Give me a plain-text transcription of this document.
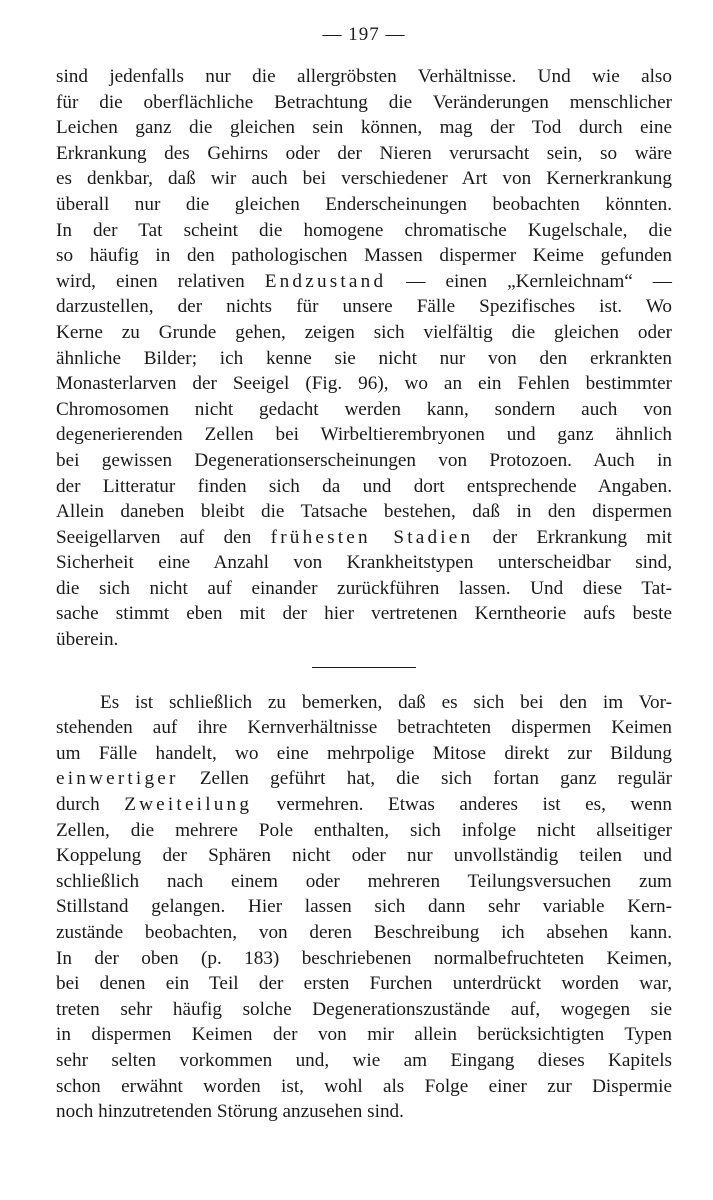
— 197 —
sind jedenfalls nur die allergröbsten Verhältnisse. Und wie also
für die oberflächliche Betrachtung die Veränderungen menschlicher
Leichen ganz die gleichen sein können, mag der Tod durch eine
Erkrankung des Gehirns oder der Nieren verursacht sein, so wäre
es denkbar, daß wir auch bei verschiedener Art von Kernerkrankung
überall nur die gleichen Enderscheinungen beobachten könnten.
In der Tat scheint die homogene chromatische Kugelschale, die
so häufig in den pathologischen Massen dispermer Keime gefunden
wird, einen relativen Endzustand — einen „Kernleichnam“ —
darzustellen, der nichts für unsere Fälle Spezifisches ist. Wo
Kerne zu Grunde gehen, zeigen sich vielfältig die gleichen oder
ähnliche Bilder; ich kenne sie nicht nur von den erkrankten
Monasterlarven der Seeigel (Fig. 96), wo an ein Fehlen bestimmter
Chromosomen nicht gedacht werden kann, sondern auch von
degenerierenden Zellen bei Wirbeltierembryonen und ganz ähnlich
bei gewissen Degenerationserscheinungen von Protozoen. Auch in
der Litteratur finden sich da und dort entsprechende Angaben.
Allein daneben bleibt die Tatsache bestehen, daß in den dispermen
Seeigellarven auf den frühesten Stadien der Erkrankung mit
Sicherheit eine Anzahl von Krankheitstypen unterscheidbar sind,
die sich nicht auf einander zurückführen lassen. Und diese Tat-
sache stimmt eben mit der hier vertretenen Kerntheorie aufs beste
überein.
Es ist schließlich zu bemerken, daß es sich bei den im Vor-
stehenden auf ihre Kernverhältnisse betrachteten dispermen Keimen
um Fälle handelt, wo eine mehrpolige Mitose direkt zur Bildung
einwertiger Zellen geführt hat, die sich fortan ganz regulär
durch Zweiteilung vermehren. Etwas anderes ist es, wenn
Zellen, die mehrere Pole enthalten, sich infolge nicht allseitiger
Koppelung der Sphären nicht oder nur unvollständig teilen und
schließlich nach einem oder mehreren Teilungsversuchen zum
Stillstand gelangen. Hier lassen sich dann sehr variable Kern-
zustände beobachten, von deren Beschreibung ich absehen kann.
In der oben (p. 183) beschriebenen normalbefruchteten Keimen,
bei denen ein Teil der ersten Furchen unterdrückt worden war,
treten sehr häufig solche Degenerationszustände auf, wogegen sie
in dispermen Keimen der von mir allein berücksichtigten Typen
sehr selten vorkommen und, wie am Eingang dieses Kapitels
schon erwähnt worden ist, wohl als Folge einer zur Dispermie
noch hinzutretenden Störung anzusehen sind.
